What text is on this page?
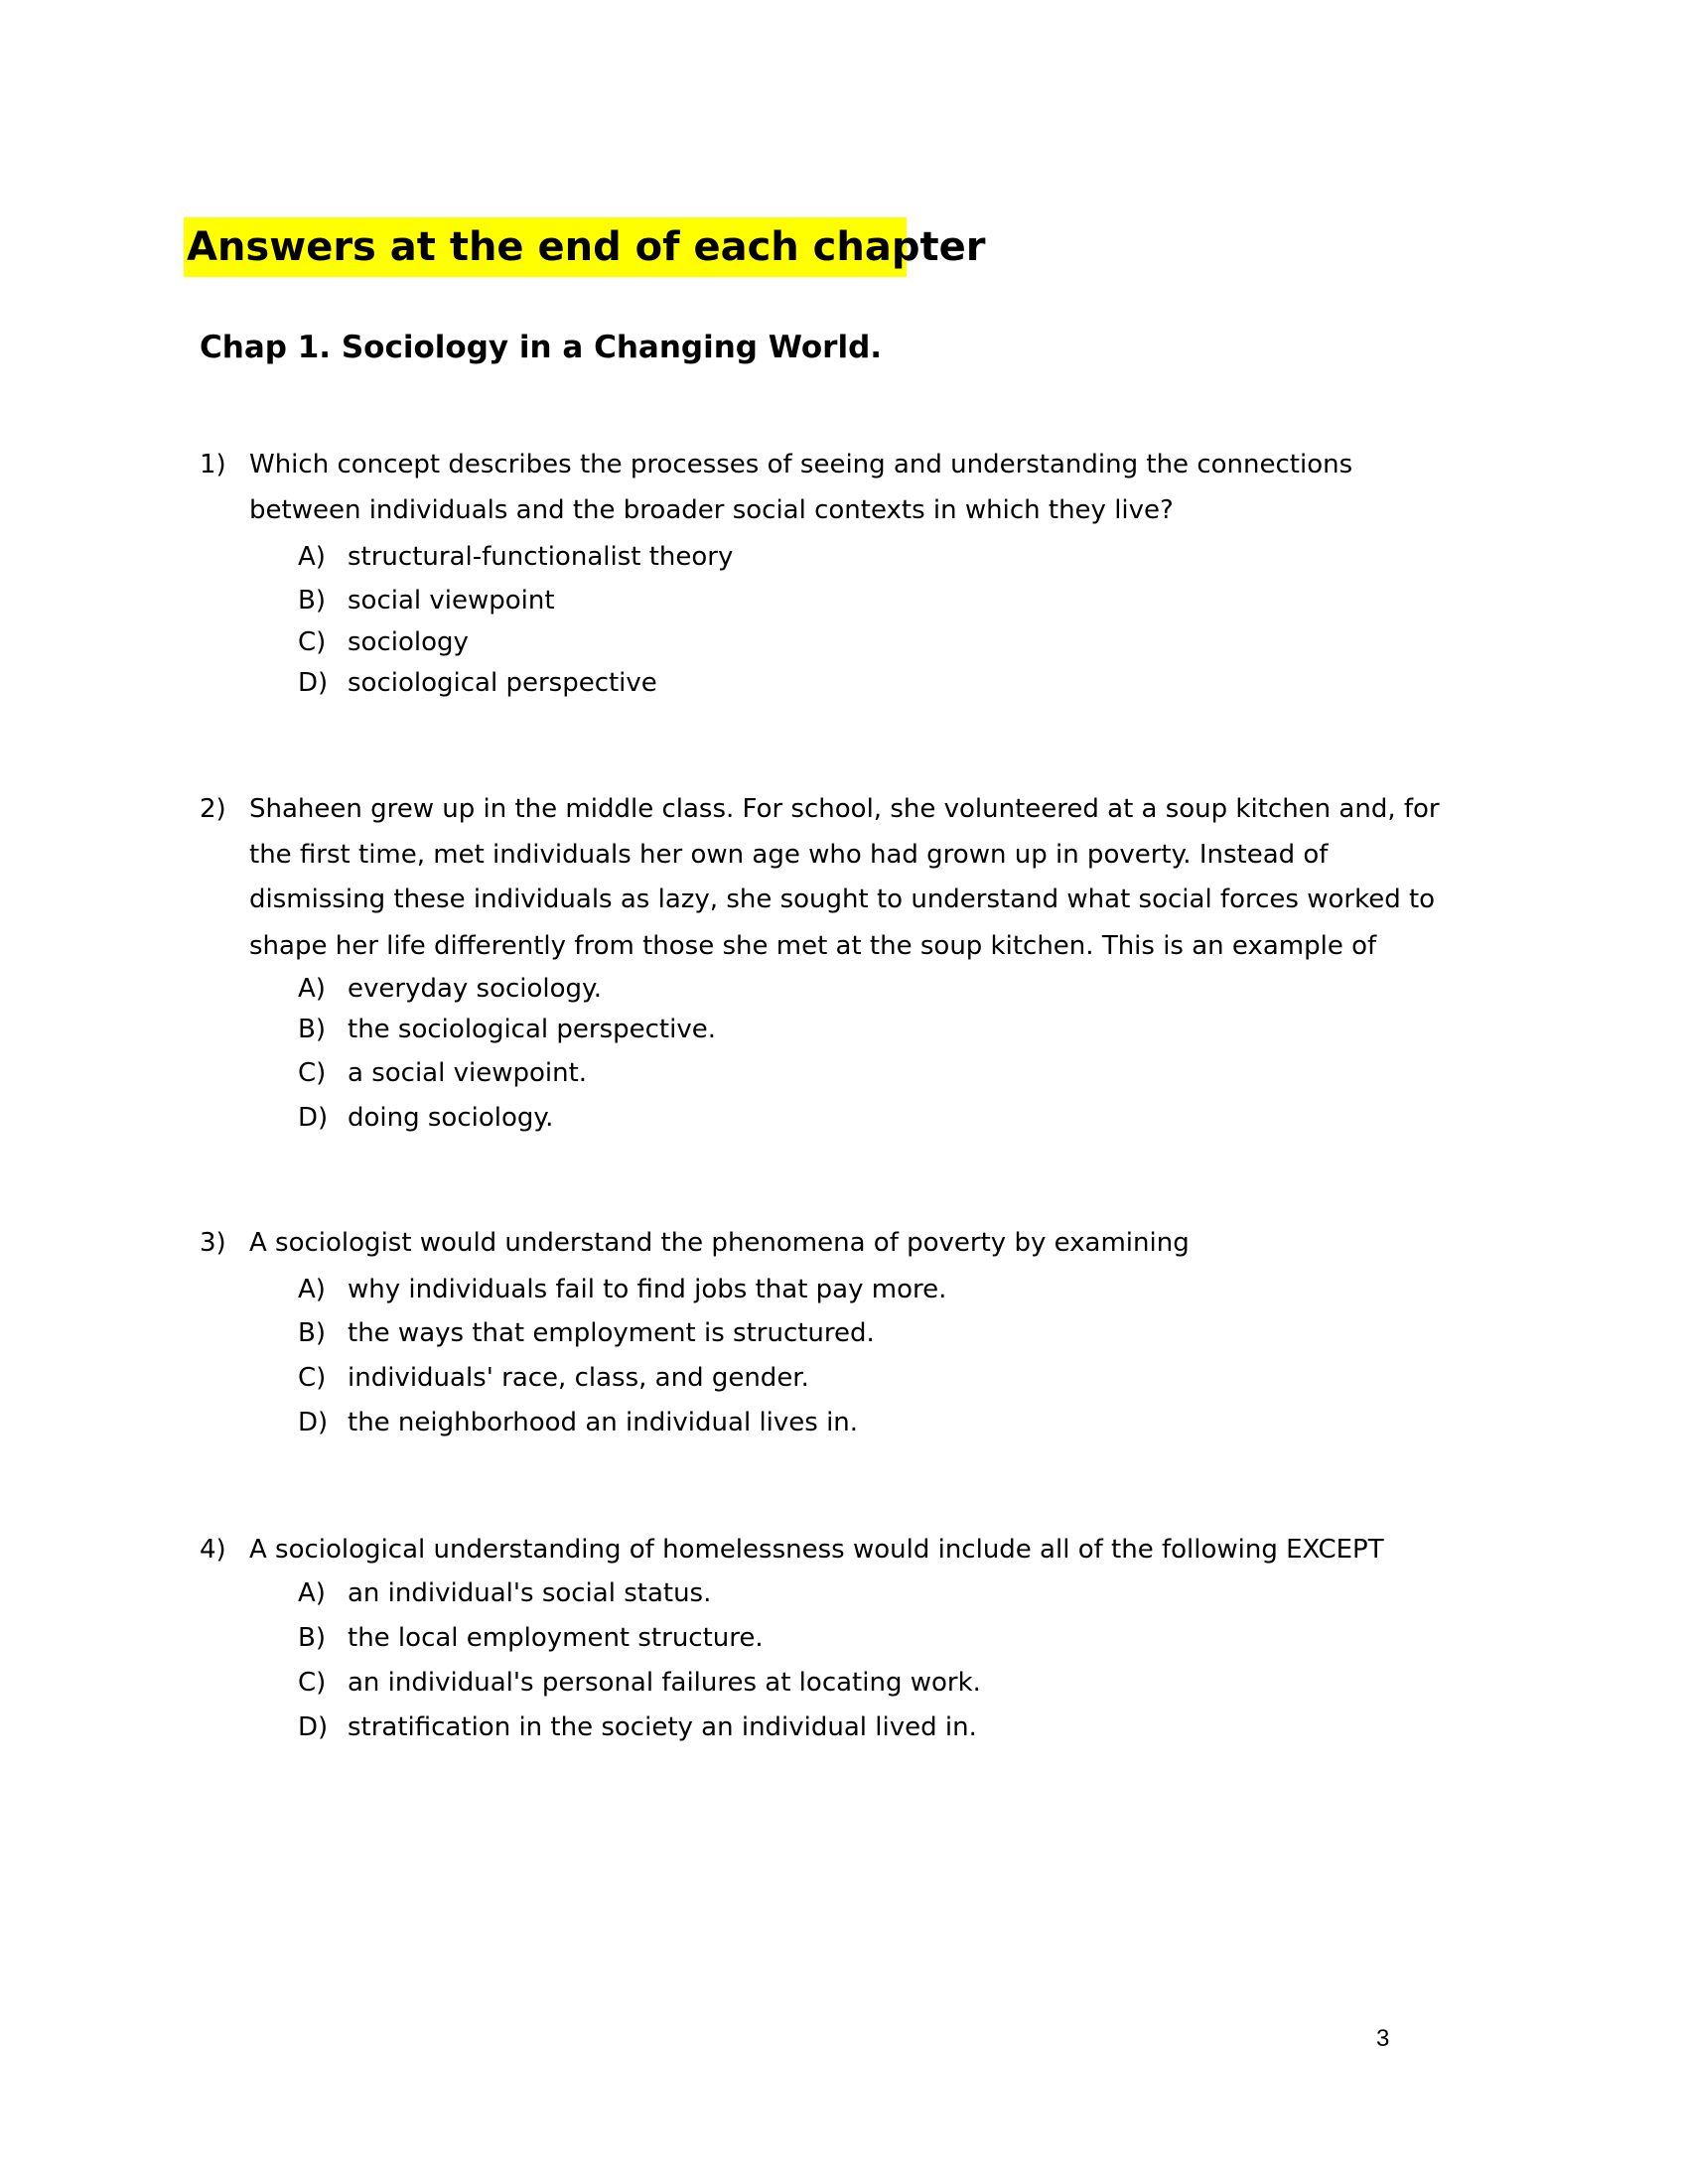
Answers at the end of each chapter
Chap 1. Sociology in a Changing World.
1) Which concept describes the processes of seeing and understanding the connections
between individuals and the broader social contexts in which they live?
A) structural-functionalist theory
B) social viewpoint
C) sociology
D) sociological perspective
2) Shaheen grew up in the middle class. For school, she volunteered at a soup kitchen and, for
the first time, met individuals her own age who had grown up in poverty. Instead of
dismissing these individuals as lazy, she sought to understand what social forces worked to
shape her life differently from those she met at the soup kitchen. This is an example of
A) everyday sociology.
B) the sociological perspective.
C) a social viewpoint.
D) doing sociology.
3) A sociologist would understand the phenomena of poverty by examining
A) why individuals fail to find jobs that pay more.
B) the ways that employment is structured.
C) individuals' race, class, and gender.
D) the neighborhood an individual lives in.
4) A sociological understanding of homelessness would include all of the following EXCEPT
A) an individual's social status.
B) the local employment structure.
C) an individual's personal failures at locating work.
D) stratification in the society an individual lived in.
3
